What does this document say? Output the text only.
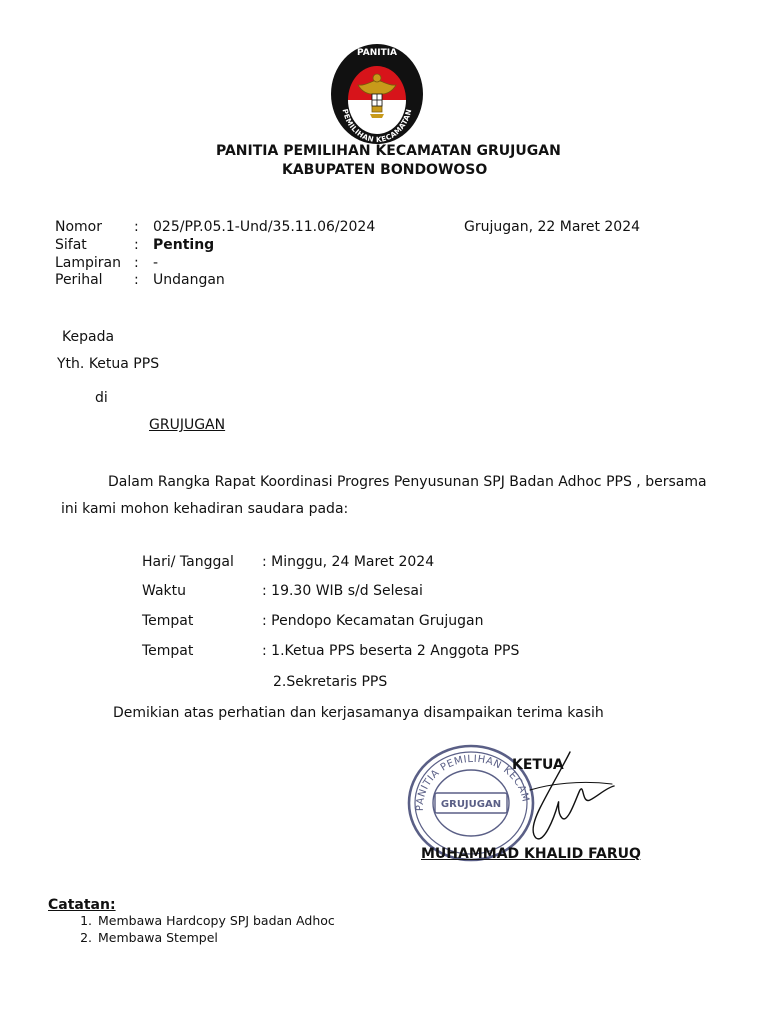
PANITIA
PEMILIHAN KECAMATAN
PANITIA PEMILIHAN KECAMATAN GRUJUGAN
KABUPATEN BONDOWOSO
Nomor : 025/PP.05.1-Und/35.11.06/2024	Grujugan, 22 Maret 2024
Sifat	: Penting
Lampiran : -
Perihal : Undangan
Kepada
Yth. Ketua PPS
di
GRUJUGAN
Dalam Rangka Rapat Koordinasi Progres Penyusunan SPJ Badan Adhoc PPS , bersama
ini kami mohon kehadiran saudara pada:
Hari/ Tanggal : Minggu, 24 Maret 2024
Waktu	: 19.30 WIB s/d Selesai
Tempat	: Pendopo Kecamatan Grujugan
Tempat	: 1.Ketua PPS beserta 2 Anggota PPS
2.Sekretaris PPS
Demikian atas perhatian dan kerjasamanya disampaikan terima kasih
PANITIA PEMILIHAN KECAM
GRUJUGAN
KETUA
MUHAMMAD KHALID FARUQ
Catatan:
1. Membawa Hardcopy SPJ badan Adhoc
2. Membawa Stempel
